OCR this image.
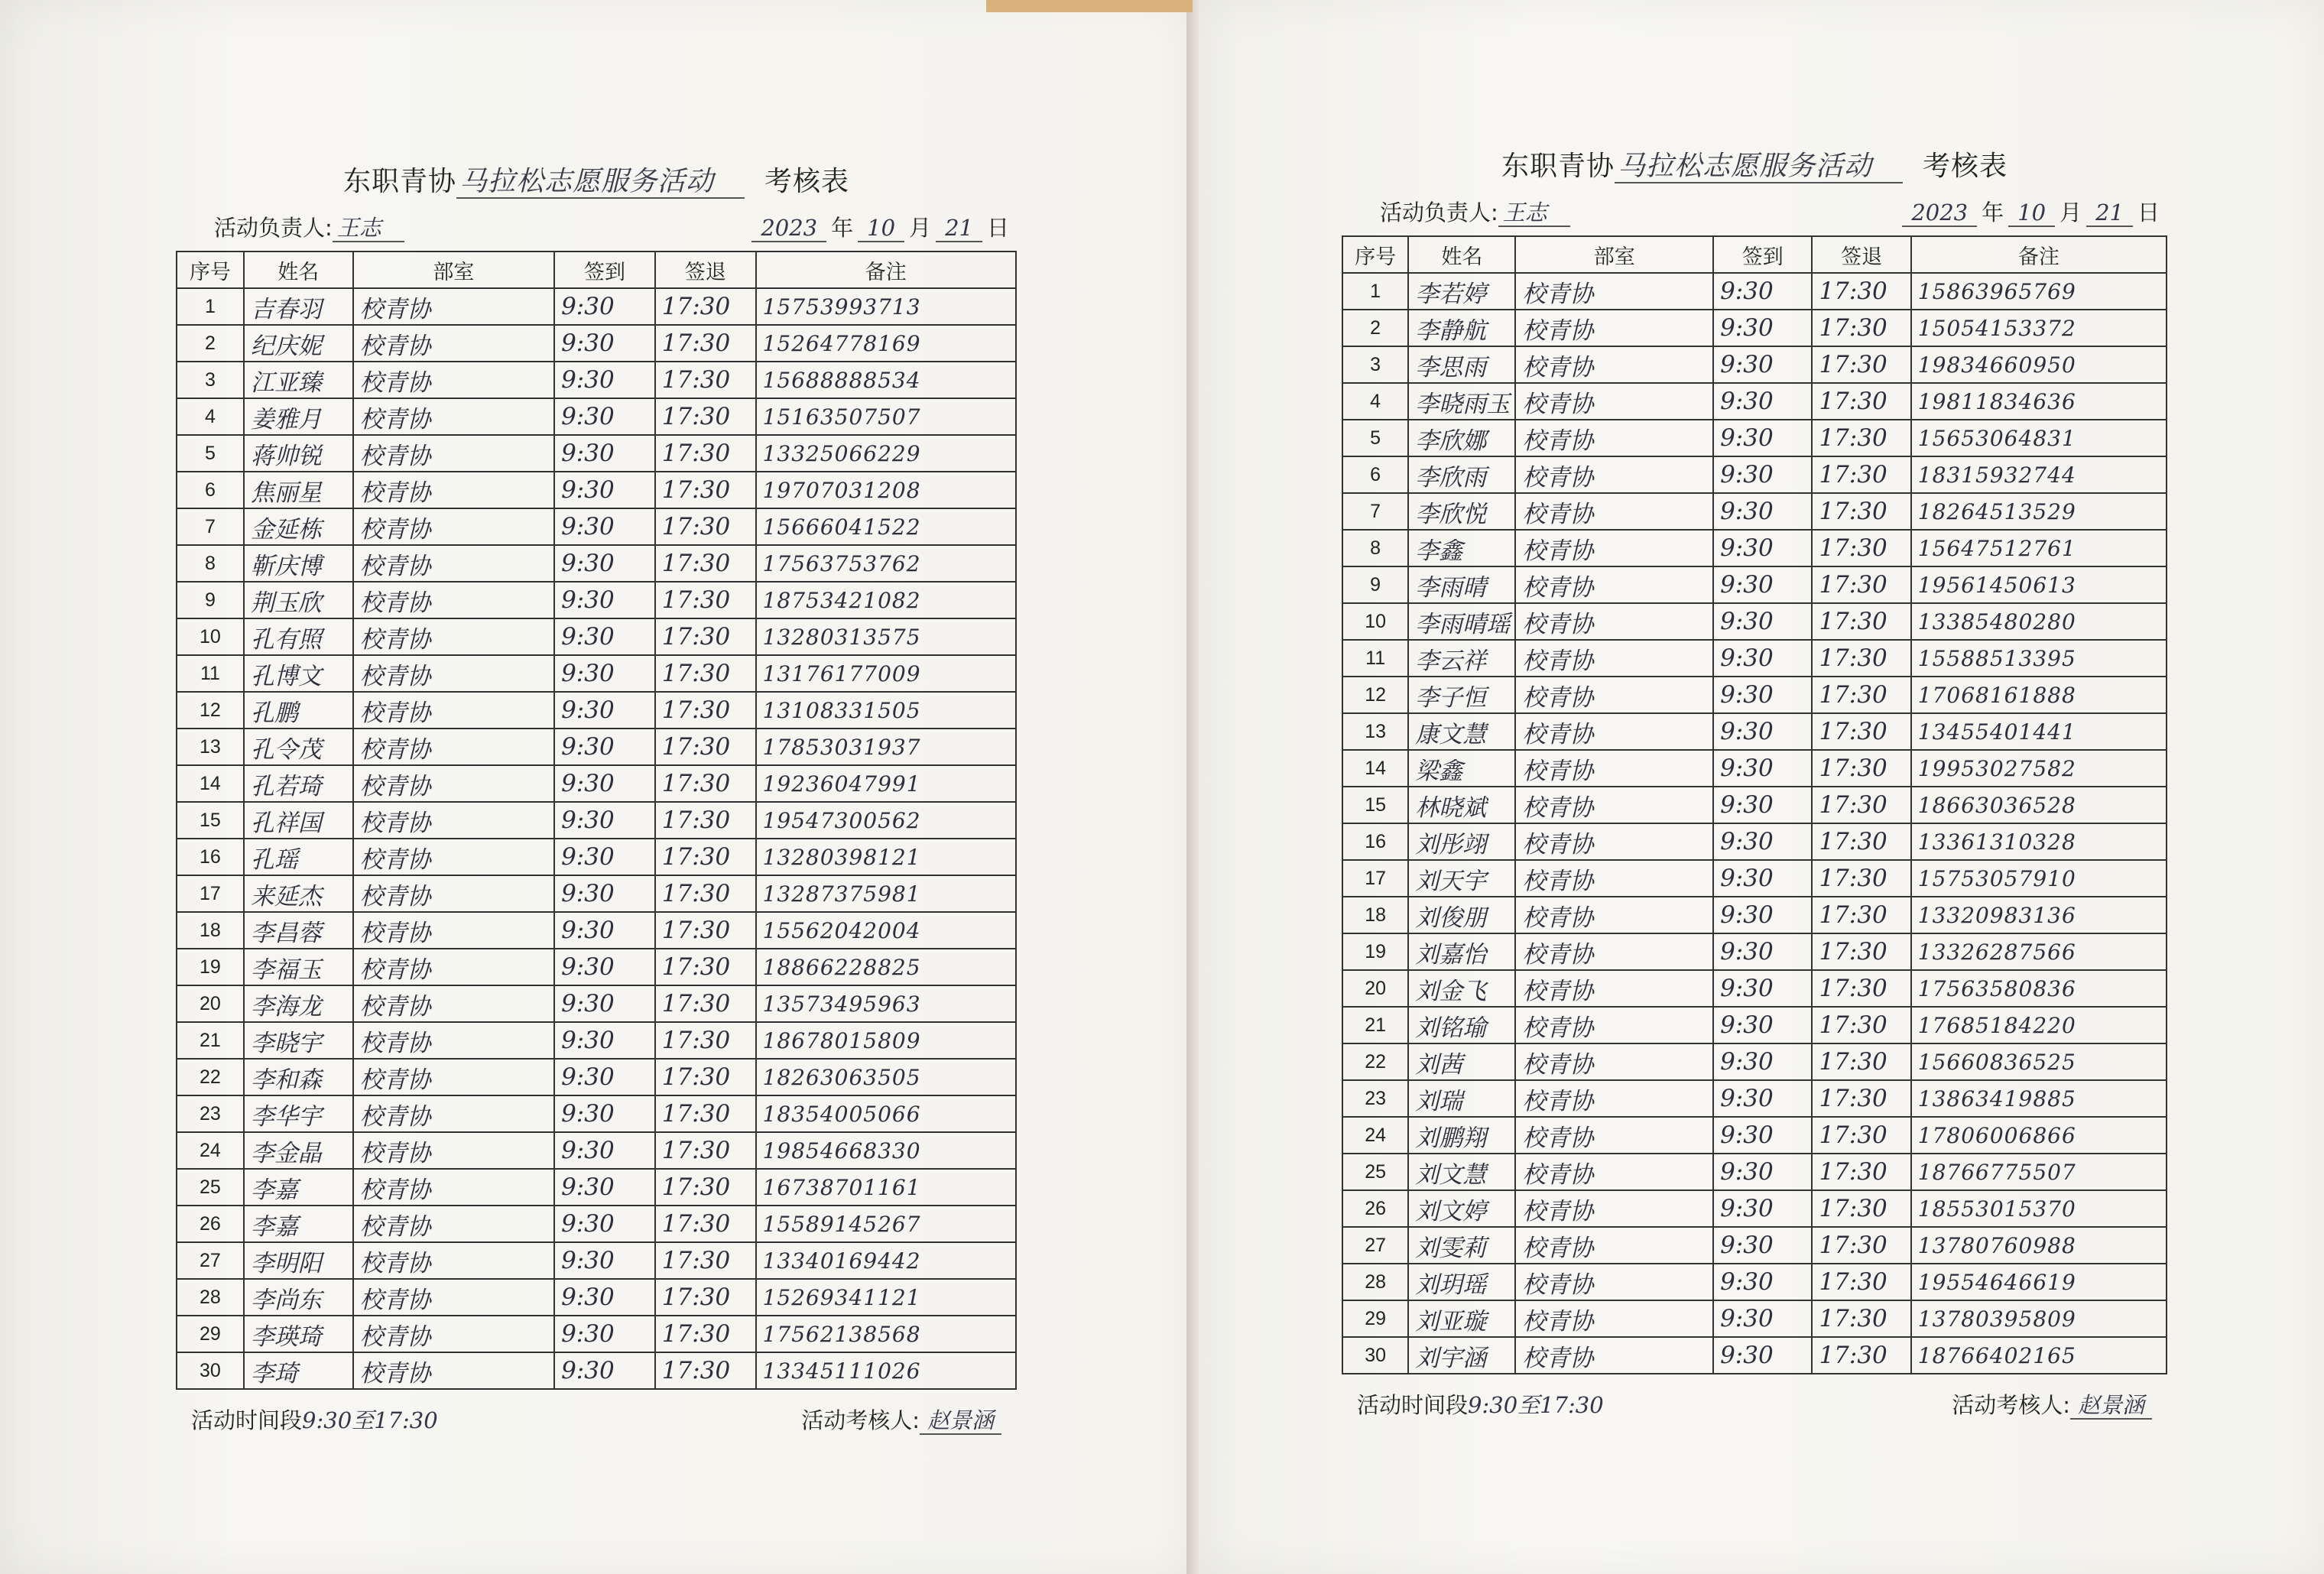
东职青协 马拉松志愿服务活动 考核表
活动负责人: 王志	2023 年 10 月 21 日
序号	姓名	部室	签到	签退	备注
1	吉春羽	校青协	9:30	17:30	15753993713
2	纪庆妮	校青协	9:30	17:30	15264778169
3	江亚臻	校青协	9:30	17:30	15688888534
4	姜雅月	校青协	9:30	17:30	15163507507
5	蒋帅锐	校青协	9:30	17:30	13325066229
6	焦丽星	校青协	9:30	17:30	19707031208
7	金延栋	校青协	9:30	17:30	15666041522
8	靳庆博	校青协	9:30	17:30	17563753762
9	荆玉欣	校青协	9:30	17:30	18753421082
10	孔有照	校青协	9:30	17:30	13280313575
11	孔博文	校青协	9:30	17:30	13176177009
12	孔鹏	校青协	9:30	17:30	13108331505
13	孔令茂	校青协	9:30	17:30	17853031937
14	孔若琦	校青协	9:30	17:30	19236047991
15	孔祥国	校青协	9:30	17:30	19547300562
16	孔瑶	校青协	9:30	17:30	13280398121
17	来延杰	校青协	9:30	17:30	13287375981
18	李昌蓉	校青协	9:30	17:30	15562042004
19	李福玉	校青协	9:30	17:30	18866228825
20	李海龙	校青协	9:30	17:30	13573495963
21	李晓宇	校青协	9:30	17:30	18678015809
22	李和森	校青协	9:30	17:30	18263063505
23	李华宇	校青协	9:30	17:30	18354005066
24	李金晶	校青协	9:30	17:30	19854668330
25	李嘉	校青协	9:30	17:30	16738701161
26	李嘉	校青协	9:30	17:30	15589145267
27	李明阳	校青协	9:30	17:30	13340169442
28	李尚东	校青协	9:30	17:30	15269341121
29	李瑛琦	校青协	9:30	17:30	17562138568
30	李琦	校青协	9:30	17:30	13345111026
活动时间段9:30至17:30	活动考核人: 赵景涵
东职青协 马拉松志愿服务活动 考核表
活动负责人: 王志	2023 年 10 月 21 日
序号	姓名	部室	签到	签退	备注
1	李若婷	校青协	9:30	17:30	15863965769
2	李静航	校青协	9:30	17:30	15054153372
3	李思雨	校青协	9:30	17:30	19834660950
4	李晓雨玉	校青协	9:30	17:30	19811834636
5	李欣娜	校青协	9:30	17:30	15653064831
6	李欣雨	校青协	9:30	17:30	18315932744
7	李欣悦	校青协	9:30	17:30	18264513529
8	李鑫	校青协	9:30	17:30	15647512761
9	李雨晴	校青协	9:30	17:30	19561450613
10	李雨晴瑶	校青协	9:30	17:30	13385480280
11	李云祥	校青协	9:30	17:30	15588513395
12	李子恒	校青协	9:30	17:30	17068161888
13	康文慧	校青协	9:30	17:30	13455401441
14	梁鑫	校青协	9:30	17:30	19953027582
15	林晓斌	校青协	9:30	17:30	18663036528
16	刘彤翊	校青协	9:30	17:30	13361310328
17	刘天宇	校青协	9:30	17:30	15753057910
18	刘俊朋	校青协	9:30	17:30	13320983136
19	刘嘉怡	校青协	9:30	17:30	13326287566
20	刘金飞	校青协	9:30	17:30	17563580836
21	刘铭瑜	校青协	9:30	17:30	17685184220
22	刘茜	校青协	9:30	17:30	15660836525
23	刘瑞	校青协	9:30	17:30	13863419885
24	刘鹏翔	校青协	9:30	17:30	17806006866
25	刘文慧	校青协	9:30	17:30	18766775507
26	刘文婷	校青协	9:30	17:30	18553015370
27	刘雯莉	校青协	9:30	17:30	13780760988
28	刘玥瑶	校青协	9:30	17:30	19554646619
29	刘亚璇	校青协	9:30	17:30	13780395809
30	刘宇涵	校青协	9:30	17:30	18766402165
活动时间段9:30至17:30	活动考核人: 赵景涵
